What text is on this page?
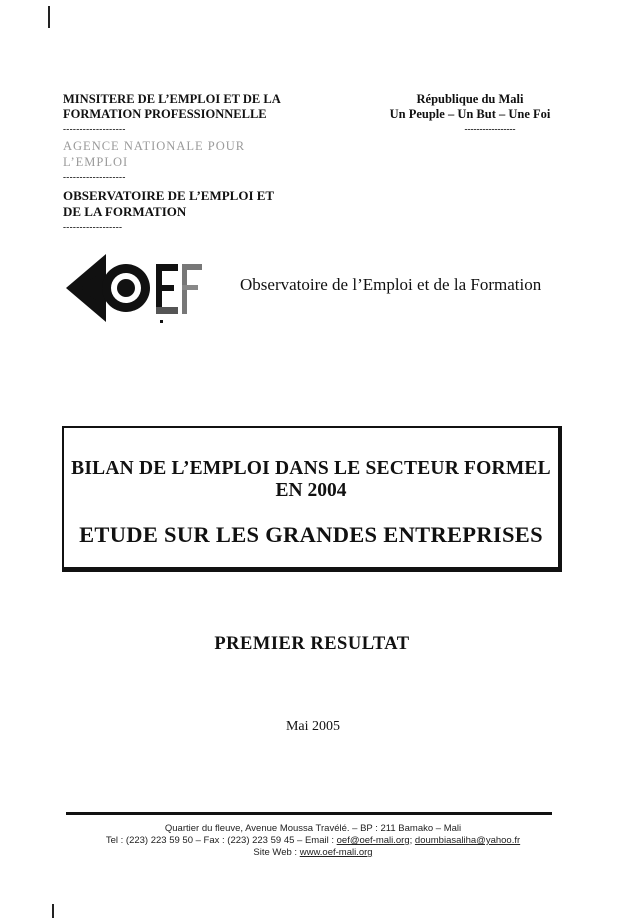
MINSITERE DE L’EMPLOI ET DE LA
FORMATION PROFESSIONNELLE
-------------------
AGENCE NATIONALE POUR
L’EMPLOI
-------------------
OBSERVATOIRE DE L’EMPLOI ET
DE LA FORMATION
------------------
République du Mali
Un Peuple – Un But – Une Foi
-----------------
Observatoire de l’Emploi et de la Formation
BILAN DE L’EMPLOI DANS LE SECTEUR FORMEL
EN 2004
ETUDE SUR LES GRANDES ENTREPRISES
PREMIER RESULTAT
Mai 2005
Quartier du fleuve, Avenue Moussa Travélé. – BP : 211 Bamako – Mali
Tel : (223) 223 59 50 – Fax : (223) 223 59 45 – Email : oef@oef-mali.org; doumbiasaliha@yahoo.fr
Site Web : www.oef-mali.org
